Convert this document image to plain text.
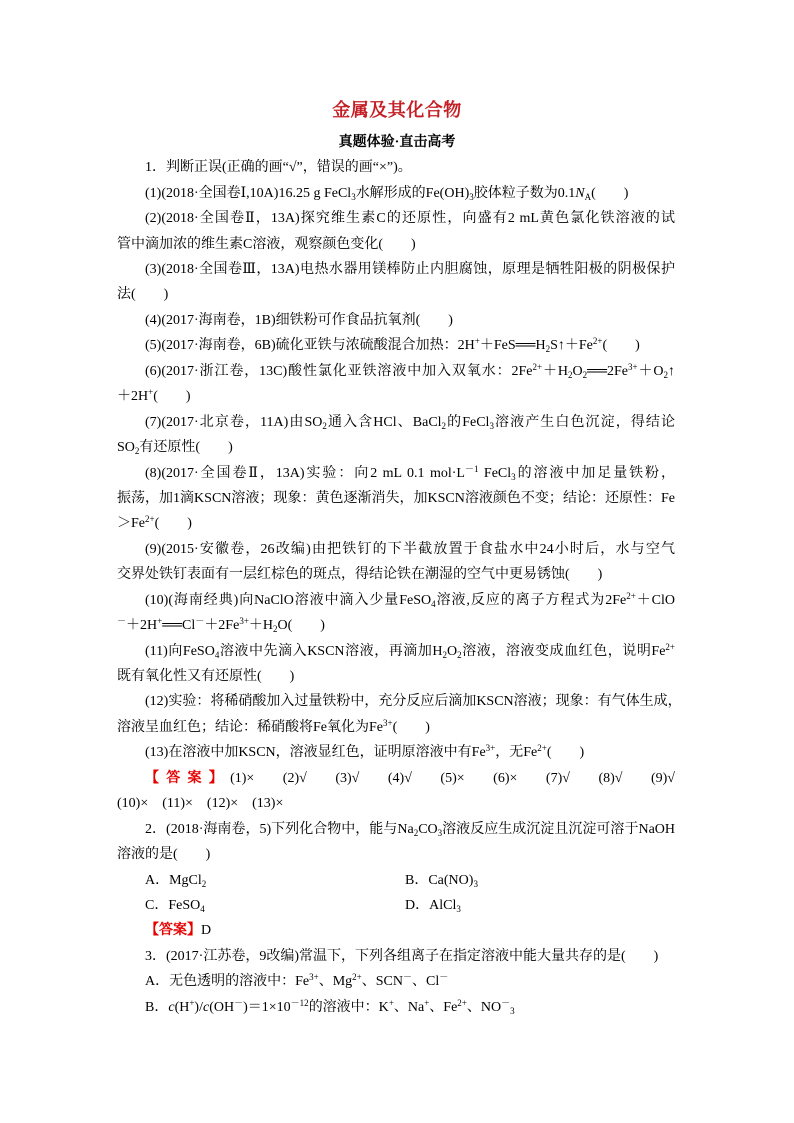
金属及其化合物
真题体验·直击高考
1．判断正误(正确的画“√”，错误的画“×”)。
(1)(2018·全国卷Ⅰ,10A)16.25 g FeCl$_3$水解形成的$Fe(OH)_3$胶体粒子数为$0.1N_A$(　　)
(2)(2018·全国卷Ⅱ，13A)探究维生素C的还原性，向盛有2 mL黄色氯化铁溶液的试
管中滴加浓的维生素C溶液，观察颜色变化(　　)
(3)(2018·全国卷Ⅲ，13A)电热水器用镁棒防止内胆腐蚀，原理是牺牲阳极的阴极保护
法(　　)
(4)(2017·海南卷，1B)细铁粉可作食品抗氧剂(　　)
(5)(2017·海南卷，6B)硫化亚铁与浓硫酸混合加热：$2H^++FeS══H_2S↑+Fe^{2+}$(　　)
(6)(2017·浙江卷，13C)酸性氯化亚铁溶液中加入双氧水：$2Fe^{2+}+H_2O_2══2Fe^{3+}+O_2↑$
＋2H+(　　)
(7)(2017·北京卷，11A)由$SO_2$通入含HCl、BaCl$_2$的FeCl$_3$溶液产生白色沉淀，得结论
$SO_2$有还原性(　　)
(8)(2017·全国卷Ⅱ，13A)实验：向2 mL 0.1 $mol\cdot L^{-1}$ FeCl$_3$的溶液中加足量铁粉，
振荡，加1滴KSCN溶液；现象：黄色逐渐消失，加KSCN溶液颜色不变；结论：还原性：Fe
$>Fe^{2+}$(　　)
(9)(2015·安徽卷，26改编)由把铁钉的下半截放置于食盐水中24小时后，水与空气
交界处铁钉表面有一层红棕色的斑点，得结论铁在潮湿的空气中更易锈蚀(　　)
(10)(海南经典)向NaClO溶液中滴入少量FeSO$_4$溶液,反应的离子方程式为$2Fe^{2+}+ClO$
$^-+2H^+══Cl^-+2Fe^{3+}+H_2O$(　　)
(11)向FeSO$_4$溶液中先滴入KSCN溶液，再滴加$H_2O_2$溶液，溶液变成血红色，说明$Fe^{2+}$
既有氧化性又有还原性(　　)
(12)实验：将稀硝酸加入过量铁粉中，充分反应后滴加KSCN溶液；现象：有气体生成，
溶液呈血红色；结论：稀硝酸将Fe氧化为$Fe^{3+}$(　　)
(13)在溶液中加KSCN，溶液显红色，证明原溶液中有$Fe^{3+}$，无$Fe^{2+}$(　　)
【答案】(1)×　(2)√　(3)√　(4)√　(5)×　(6)×　(7)√　(8)√　(9)√
(10)×　(11)×　(12)×　(13)×
2．(2018·海南卷，5)下列化合物中，能与$Na_2CO_3$溶液反应生成沉淀且沉淀可溶于NaOH
溶液的是(　　)
A．MgCl$_2$	B．$Ca(NO)_3$
C．FeSO$_4$	D．AlCl$_3$
【答案】D
3．(2017·江苏卷，9改编)常温下，下列各组离子在指定溶液中能大量共存的是(　　)
A．无色透明的溶液中：$Fe^{3+}$、$Mg^{2+}$、SCN－、Cl－
B．$c(H^+)/c(OH^-)=1\times 10^{-12}$的溶液中：K+、Na+、$Fe^{2+}$、$NO^-_3$
